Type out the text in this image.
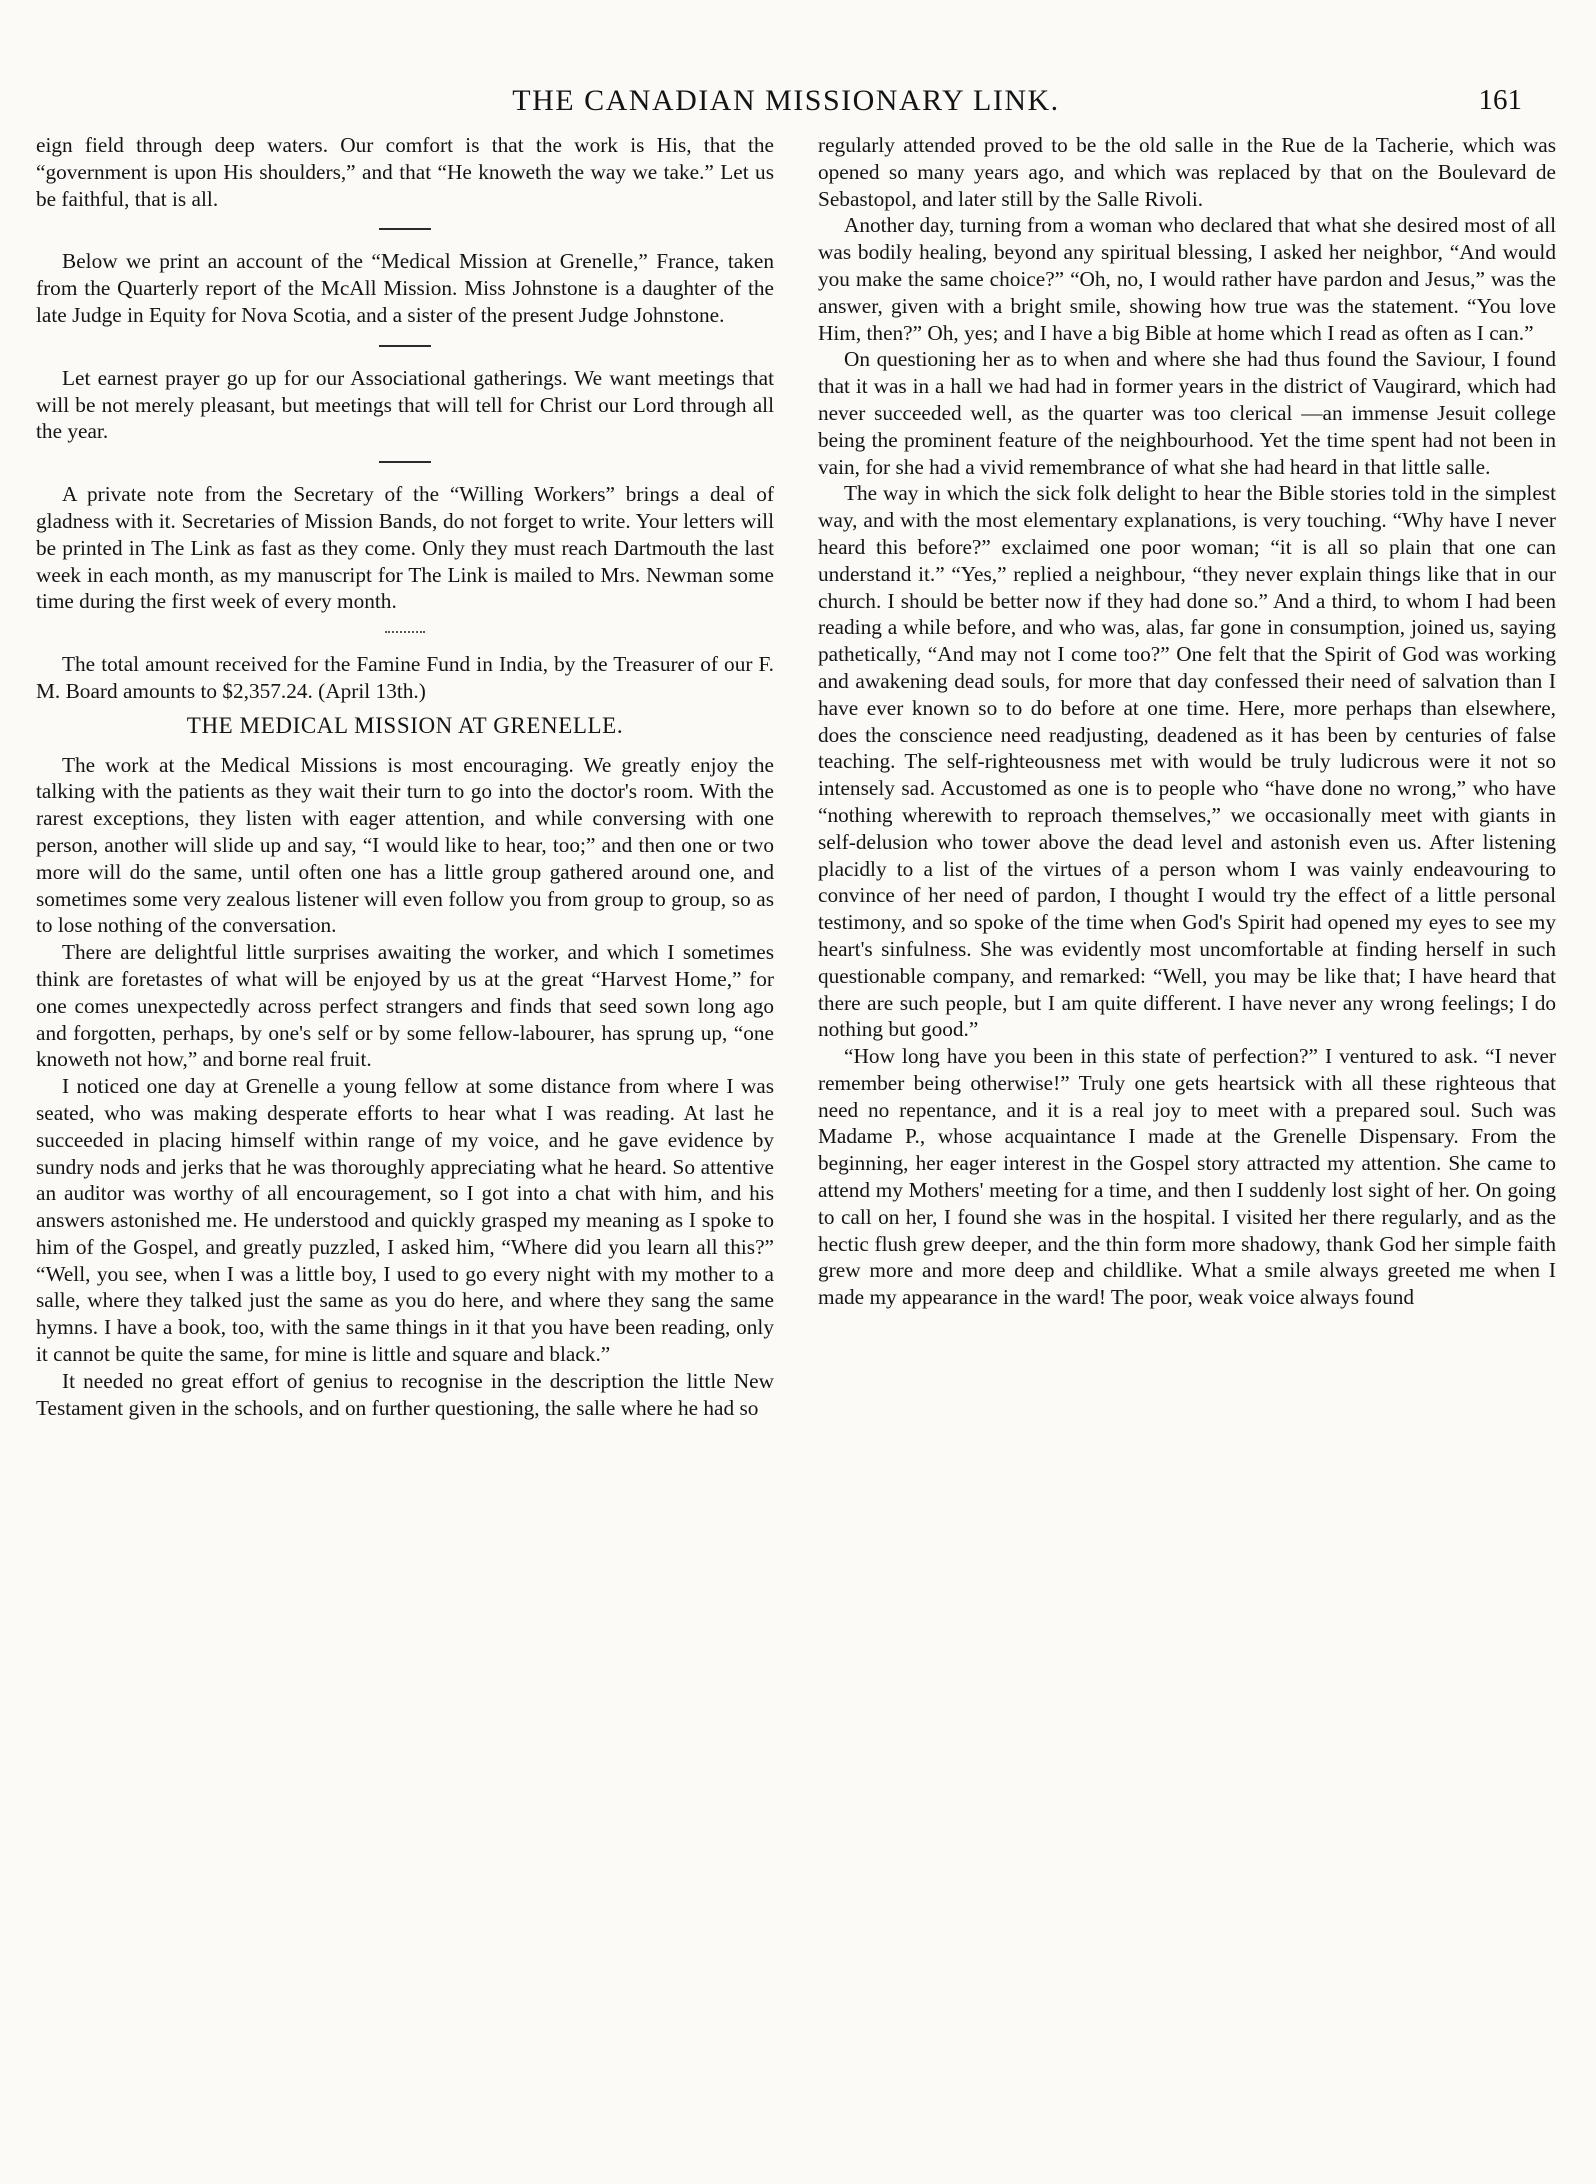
THE CANADIAN MISSIONARY LINK.	161

eign field through deep waters. Our comfort is that the work is His, that the “government is upon His shoulders,” and that “He knoweth the way we take.” Let us be faithful, that is all.

Below we print an account of the “Medical Mission at Grenelle,” France, taken from the Quarterly report of the McAll Mission. Miss Johnstone is a daughter of the late Judge in Equity for Nova Scotia, and a sister of the present Judge Johnstone.

Let earnest prayer go up for our Associational gatherings. We want meetings that will be not merely pleasant, but meetings that will tell for Christ our Lord through all the year.

A private note from the Secretary of the “Willing Workers” brings a deal of gladness with it. Secretaries of Mission Bands, do not forget to write. Your letters will be printed in The Link as fast as they come. Only they must reach Dartmouth the last week in each month, as my manuscript for The Link is mailed to Mrs. Newman some time during the first week of every month.

The total amount received for the Famine Fund in India, by the Treasurer of our F. M. Board amounts to $2,357.24. (April 13th.)

THE MEDICAL MISSION AT GRENELLE.

The work at the Medical Missions is most encouraging. We greatly enjoy the talking with the patients as they wait their turn to go into the doctor's room. With the rarest exceptions, they listen with eager attention, and while conversing with one person, another will slide up and say, “I would like to hear, too;” and then one or two more will do the same, until often one has a little group gathered around one, and sometimes some very zealous listener will even follow you from group to group, so as to lose nothing of the conversation.

There are delightful little surprises awaiting the worker, and which I sometimes think are foretastes of what will be enjoyed by us at the great “Harvest Home,” for one comes unexpectedly across perfect strangers and finds that seed sown long ago and forgotten, perhaps, by one's self or by some fellow-labourer, has sprung up, “one knoweth not how,” and borne real fruit.

I noticed one day at Grenelle a young fellow at some distance from where I was seated, who was making desperate efforts to hear what I was reading. At last he succeeded in placing himself within range of my voice, and he gave evidence by sundry nods and jerks that he was thoroughly appreciating what he heard. So attentive an auditor was worthy of all encouragement, so I got into a chat with him, and his answers astonished me. He understood and quickly grasped my meaning as I spoke to him of the Gospel, and greatly puzzled, I asked him, “Where did you learn all this?” “Well, you see, when I was a little boy, I used to go every night with my mother to a salle, where they talked just the same as you do here, and where they sang the same hymns. I have a book, too, with the same things in it that you have been reading, only it cannot be quite the same, for mine is little and square and black.”

It needed no great effort of genius to recognise in the description the little New Testament given in the schools, and on further questioning, the salle where he had so

regularly attended proved to be the old salle in the Rue de la Tacherie, which was opened so many years ago, and which was replaced by that on the Boulevard de Sebastopol, and later still by the Salle Rivoli.

Another day, turning from a woman who declared that what she desired most of all was bodily healing, beyond any spiritual blessing, I asked her neighbor, “And would you make the same choice?” “Oh, no, I would rather have pardon and Jesus,” was the answer, given with a bright smile, showing how true was the statement. “You love Him, then?” Oh, yes; and I have a big Bible at home which I read as often as I can.”

On questioning her as to when and where she had thus found the Saviour, I found that it was in a hall we had had in former years in the district of Vaugirard, which had never succeeded well, as the quarter was too clerical —an immense Jesuit college being the prominent feature of the neighbourhood. Yet the time spent had not been in vain, for she had a vivid remembrance of what she had heard in that little salle.

The way in which the sick folk delight to hear the Bible stories told in the simplest way, and with the most elementary explanations, is very touching. “Why have I never heard this before?” exclaimed one poor woman; “it is all so plain that one can understand it.” “Yes,” replied a neighbour, “they never explain things like that in our church. I should be better now if they had done so.” And a third, to whom I had been reading a while before, and who was, alas, far gone in consumption, joined us, saying pathetically, “And may not I come too?” One felt that the Spirit of God was working and awakening dead souls, for more that day confessed their need of salvation than I have ever known so to do before at one time. Here, more perhaps than elsewhere, does the conscience need readjusting, deadened as it has been by centuries of false teaching. The self-righteousness met with would be truly ludicrous were it not so intensely sad. Accustomed as one is to people who “have done no wrong,” who have “nothing wherewith to reproach themselves,” we occasionally meet with giants in self-delusion who tower above the dead level and astonish even us. After listening placidly to a list of the virtues of a person whom I was vainly endeavouring to convince of her need of pardon, I thought I would try the effect of a little personal testimony, and so spoke of the time when God's Spirit had opened my eyes to see my heart's sinfulness. She was evidently most uncomfortable at finding herself in such questionable company, and remarked: “Well, you may be like that; I have heard that there are such people, but I am quite different. I have never any wrong feelings; I do nothing but good.”

“How long have you been in this state of perfection?” I ventured to ask. “I never remember being otherwise!” Truly one gets heartsick with all these righteous that need no repentance, and it is a real joy to meet with a prepared soul. Such was Madame P., whose acquaintance I made at the Grenelle Dispensary. From the beginning, her eager interest in the Gospel story attracted my attention. She came to attend my Mothers' meeting for a time, and then I suddenly lost sight of her. On going to call on her, I found she was in the hospital. I visited her there regularly, and as the hectic flush grew deeper, and the thin form more shadowy, thank God her simple faith grew more and more deep and childlike. What a smile always greeted me when I made my appearance in the ward! The poor, weak voice always found
